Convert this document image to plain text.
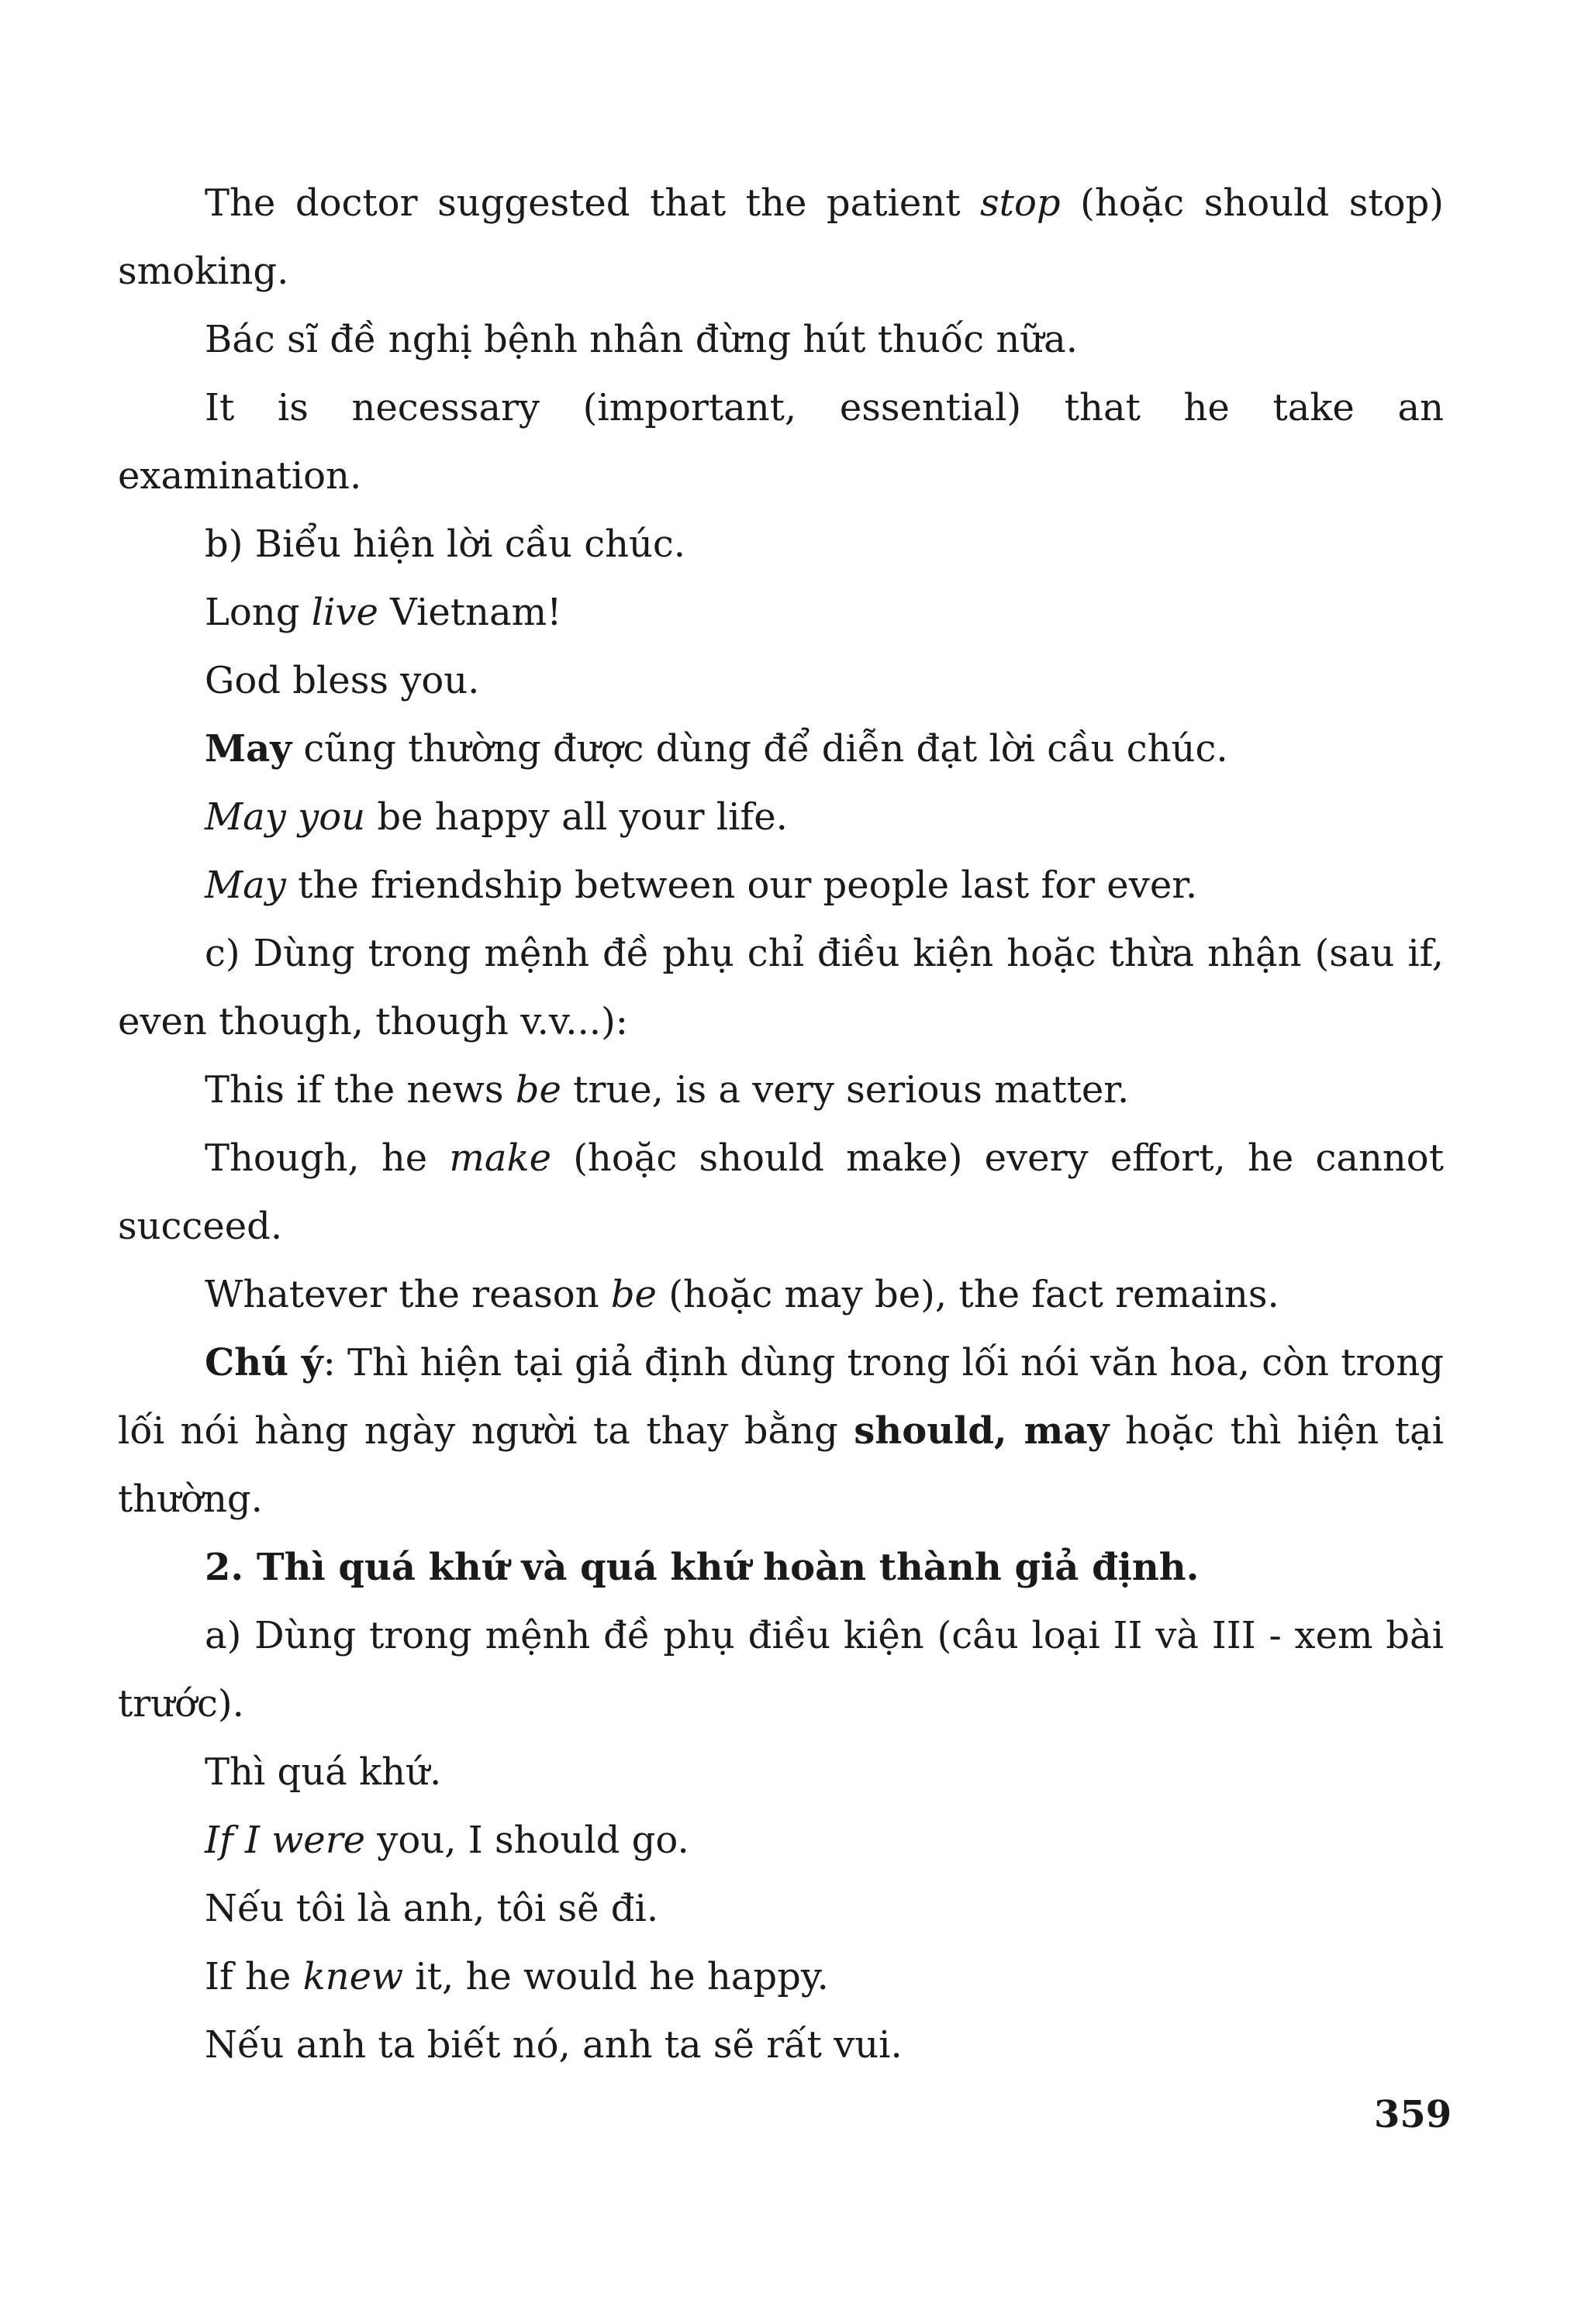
The doctor suggested that the patient stop (hoặc should stop) smoking.

Bác sĩ đề nghị bệnh nhân đừng hút thuốc nữa.

It is necessary (important, essential) that he take an examination.

b) Biểu hiện lời cầu chúc.

Long live Vietnam!

God bless you.

May cũng thường được dùng để diễn đạt lời cầu chúc.

May you be happy all your life.

May the friendship between our people last for ever.

c) Dùng trong mệnh đề phụ chỉ điều kiện hoặc thừa nhận (sau if, even though, though v.v...):

This if the news be true, is a very serious matter.

Though, he make (hoặc should make) every effort, he cannot succeed.

Whatever the reason be (hoặc may be), the fact remains.

Chú ý: Thì hiện tại giả định dùng trong lối nói văn hoa, còn trong lối nói hàng ngày người ta thay bằng should, may hoặc thì hiện tại thường.

2. Thì quá khứ và quá khứ hoàn thành giả định.

a) Dùng trong mệnh đề phụ điều kiện (câu loại II và III - xem bài trước).

Thì quá khứ.

If I were you, I should go.

Nếu tôi là anh, tôi sẽ đi.

If he knew it, he would he happy.

Nếu anh ta biết nó, anh ta sẽ rất vui.

359
